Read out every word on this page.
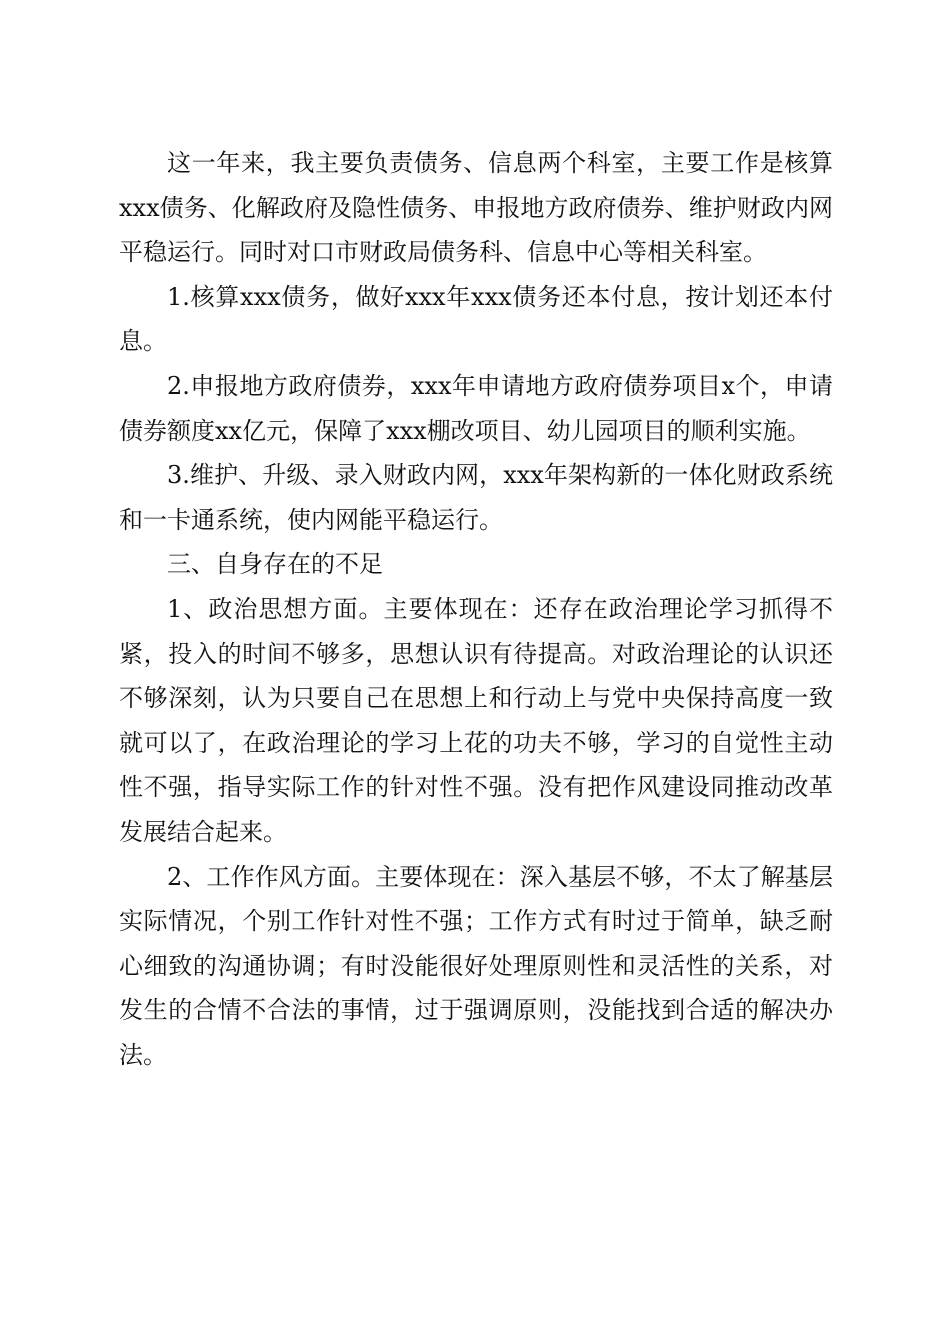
这一年来，我主要负责债务、信息两个科室，主要工作是核算xxx债务、化解政府及隐性债务、申报地方政府债券、维护财政内网平稳运行。同时对口市财政局债务科、信息中心等相关科室。

1.核算xxx债务，做好xxx年xxx债务还本付息，按计划还本付息。

2.申报地方政府债券，xxx年申请地方政府债券项目x个，申请债券额度xx亿元，保障了xxx棚改项目、幼儿园项目的顺利实施。

3.维护、升级、录入财政内网，xxx年架构新的一体化财政系统和一卡通系统，使内网能平稳运行。

三、自身存在的不足

1、政治思想方面。主要体现在：还存在政治理论学习抓得不紧，投入的时间不够多，思想认识有待提高。对政治理论的认识还不够深刻，认为只要自己在思想上和行动上与党中央保持高度一致就可以了，在政治理论的学习上花的功夫不够，学习的自觉性主动性不强，指导实际工作的针对性不强。没有把作风建设同推动改革发展结合起来。

2、工作作风方面。主要体现在：深入基层不够，不太了解基层实际情况，个别工作针对性不强；工作方式有时过于简单，缺乏耐心细致的沟通协调；有时没能很好处理原则性和灵活性的关系，对发生的合情不合法的事情，过于强调原则，没能找到合适的解决办法。
